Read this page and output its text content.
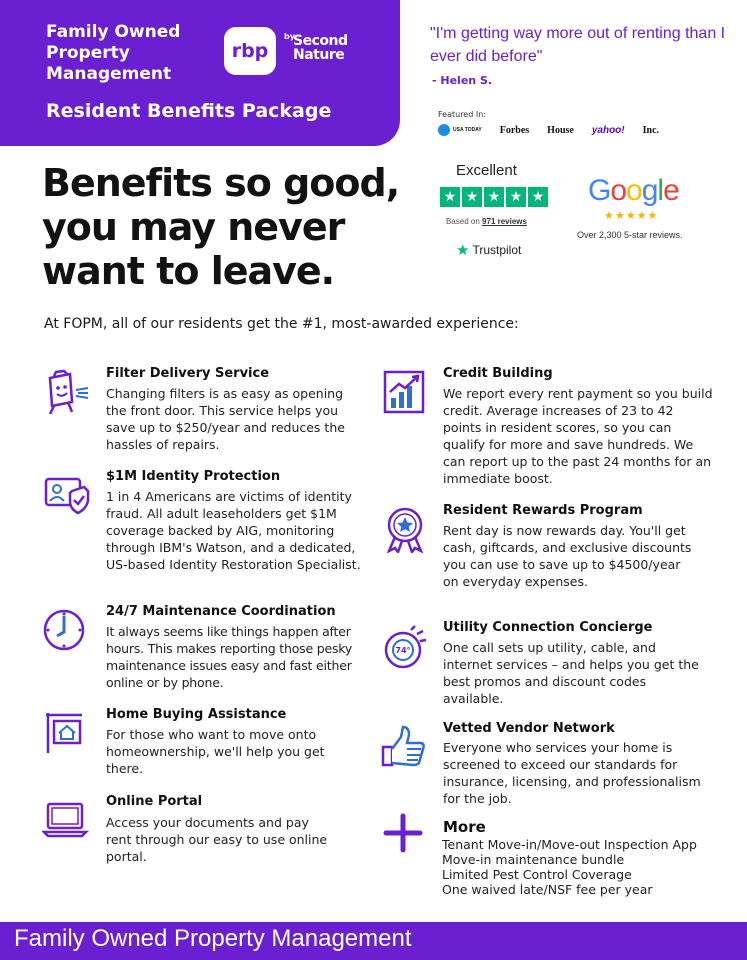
Family Owned Property Management
rbp
by
Second Nature
Resident Benefits Package
"I'm getting way more out of renting than I ever did before"
- Helen S.
Featured In:
USA TODAY Forbes House yahoo! Inc.
Excellent
★ ★ ★ ★ ★
Based on 971 reviews
★ Trustpilot
Google
★★★★★
Over 2,300 5-star reviews.
Benefits so good, you may never want to leave.
At FOPM, all of our residents get the #1, most-awarded experience:
Filter Delivery Service
Changing filters is as easy as opening the front door. This service helps you save up to $250/year and reduces the hassles of repairs.
$1M Identity Protection
1 in 4 Americans are victims of identity fraud. All adult leaseholders get $1M coverage backed by AIG, monitoring through IBM's Watson, and a dedicated, US-based Identity Restoration Specialist.
24/7 Maintenance Coordination
It always seems like things happen after hours. This makes reporting those pesky maintenance issues easy and fast either online or by phone.
Home Buying Assistance
For those who want to move onto homeownership, we'll help you get there.
Online Portal
Access your documents and pay rent through our easy to use online portal.
Credit Building
We report every rent payment so you build credit. Average increases of 23 to 42 points in resident scores, so you can qualify for more and save hundreds. We can report up to the past 24 months for an immediate boost.
Resident Rewards Program
Rent day is now rewards day. You'll get cash, giftcards, and exclusive discounts you can use to save up to $4500/year on everyday expenses.
74°
Utility Connection Concierge
One call sets up utility, cable, and internet services – and helps you get the best promos and discount codes available.
Vetted Vendor Network
Everyone who services your home is screened to exceed our standards for insurance, licensing, and professionalism for the job.
More
Tenant Move-in/Move-out Inspection App
Move-in maintenance bundle
Limited Pest Control Coverage
One waived late/NSF fee per year
Family Owned Property Management
